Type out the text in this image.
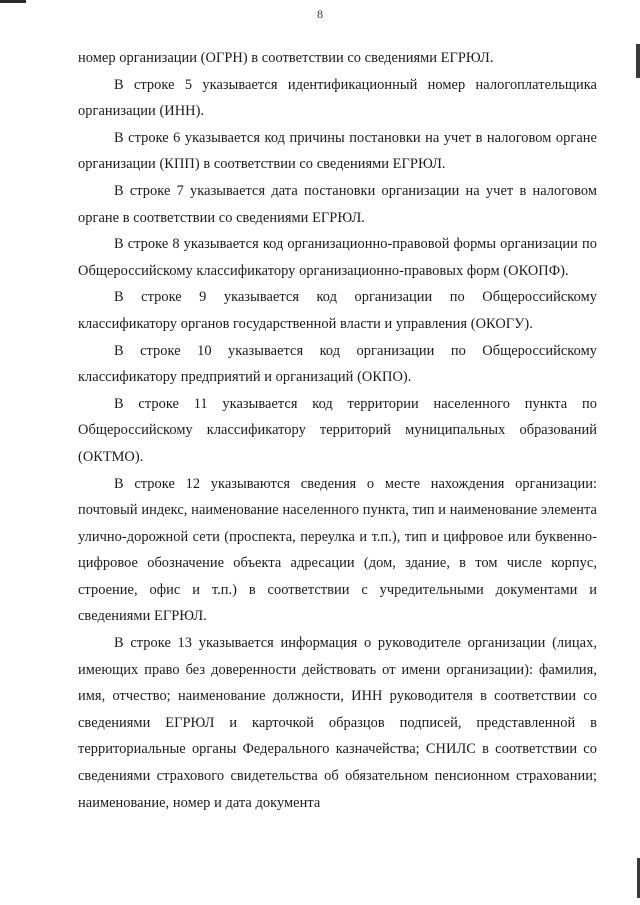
8

номер организации (ОГРН) в соответствии со сведениями ЕГРЮЛ.

В строке 5 указывается идентификационный номер налогоплательщика организации (ИНН).

В строке 6 указывается код причины постановки на учет в налоговом органе организации (КПП) в соответствии со сведениями ЕГРЮЛ.

В строке 7 указывается дата постановки организации на учет в налоговом органе в соответствии со сведениями ЕГРЮЛ.

В строке 8 указывается код организационно-правовой формы организации по Общероссийскому классификатору организационно-правовых форм (ОКОПФ).

В строке 9 указывается код организации по Общероссийскому классификатору органов государственной власти и управления (ОКОГУ).

В строке 10 указывается код организации по Общероссийскому классификатору предприятий и организаций (ОКПО).

В строке 11 указывается код территории населенного пункта по Общероссийскому классификатору территорий муниципальных образований (ОКТМО).

В строке 12 указываются сведения о месте нахождения организации: почтовый индекс, наименование населенного пункта, тип и наименование элемента улично-дорожной сети (проспекта, переулка и т.п.), тип и цифровое или буквенно-цифровое обозначение объекта адресации (дом, здание, в том числе корпус, строение, офис и т.п.) в соответствии с учредительными документами и сведениями ЕГРЮЛ.

В строке 13 указывается информация о руководителе организации (лицах, имеющих право без доверенности действовать от имени организации): фамилия, имя, отчество; наименование должности, ИНН руководителя в соответствии со сведениями ЕГРЮЛ и карточкой образцов подписей, представленной в территориальные органы Федерального казначейства; СНИЛС в соответствии со сведениями страхового свидетельства об обязательном пенсионном страховании; наименование, номер и дата документа
